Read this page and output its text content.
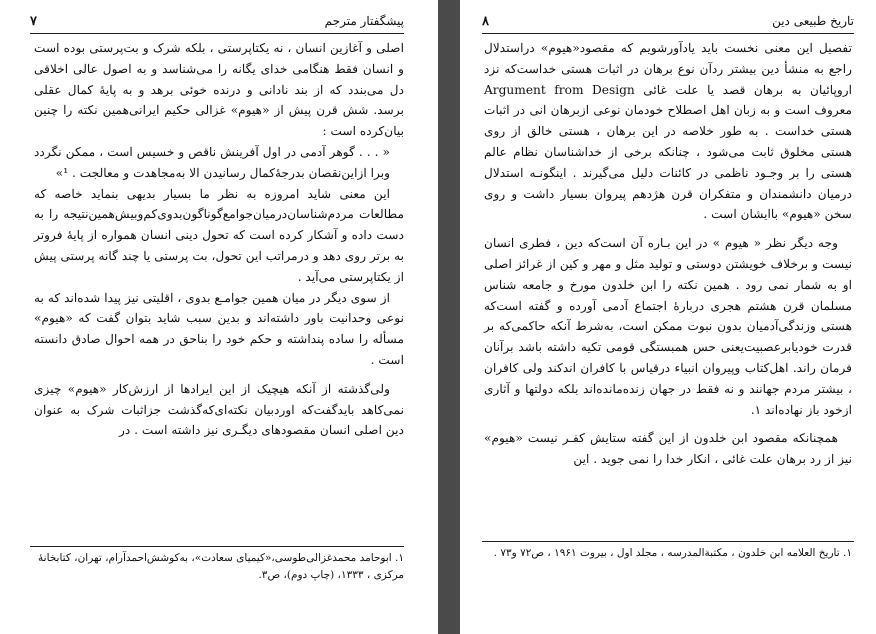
پیشگفتار مترجم
۷

اصلی و آغازین انسان ، نه یکتاپرستی ، بلکه شرک و بت‌پرستی بوده است و انسان فقط هنگامی خدای یگانه را می‌شناسد و به اصول عالی اخلاقی دل می‌بندد که از بند نادانی و درنده خوئی برهد و به پایهٔ کمال عقلی برسد. شش قرن پیش از «هیوم» غزالی حکیم ایرانی‌همین نکته را چنین بیان‌کرده است :

« . . . گوهر آدمی در اول آفرینش ناقص و خسیس است ، ممکن نگردد وبرا ازاین‌نقصان بدرجهٔ‌کمال رسانیدن الا به‌مجاهدت و معالجت . ¹»

این معنی شاید امروزه به نظر ما بسیار بدیهی بنماید خاصه که مطالعات مردم‌شناسان‌درمیان‌جوامع‌گوناگون‌بدوی‌کم‌وبیش‌همین‌نتیجه را به دست داده و آشکار کرده است که تحول دینی انسان همواره از پایهٔ فروتر به برتر روی دهد و درمراتب این تحول، بت پرستی یا چند گانه پرستی پیش از یکتاپرستی می‌آید .

از سوی دیگر در میان همین جوامـع بدوی ، اقلیتی نیز پیدا شده‌اند که به نوعی وحدانیت باور داشته‌اند و بدین سبب شاید بتوان گفت که «هیوم» مسأله را ساده پنداشته و حکم خود را بناحق در همه احوال صادق دانسته است .

ولی‌گذشته از آنکه هیچیک از این ایرادها از ارزش‌کار «هیوم» چیزی نمی‌کاهد بایدگفت‌که اوردبیان نکته‌ای‌که‌گذشت جزاثبات شرک به عنوان دین اصلی انسان مقصودهای دیگـری نیز داشته است . در

۱. ابوحامد محمدغزالی‌طوسی،«کیمیای سعادت»، به‌کوشش‌احمدآرام، تهران، کتابخانهٔ مرکزی ، ۱۳۳۳، (چاپ دوم)، ص۳.
تاریخ طبیعی دین
۸

تفصیل این معنی نخست باید یادآورشویم که مقصود«هیوم» دراستدلال راجع به منشأ دین بیشتر ردآن نوع برهان در اثبات هستی خداست‌که نزد اروپائیان به برهان قصد یا علت غائی Argument from Design معروف است و به زبان اهل اصطلاح خودمان نوعی ازبرهان انی در اثبات هستی خداست . به طور خلاصه در این برهان ، هستی خالق از روی هستی مخلوق ثابت می‌شود ، چنانکه برخی از خداشناسان نظام عالم هستی را بر وجـود ناظمی در کائنات دلیل می‌گیرند . اینگونـه استدلال درمیان دانشمندان و متفکران قرن هژدهم پیروان بسیار داشت و روی سخن «هیوم» باایشان است .

وجه دیگر نظر « هیوم » در این بـاره آن است‌که دین ، فطری انسان نیست و برخلاف خویشتن دوستی و تولید مثل و مهر و کین از غرائز اصلی او به شمار نمی رود . همین نکته را ابن خلدون مورخ و جامعه شناس مسلمان قرن هشتم هجری دربارهٔ اجتماع آدمی آورده و گفته است‌که هستی وزندگی‌آدمیان بدون نبوت ممکن است، به‌شرط آنکه حاکمی‌که بر قدرت خودیابرعصبیت‌یعنی حس همبستگی قومی تکیه داشته باشد برآنان فرمان راند. اهل‌کتاب وپیروان انبیاء درقیاس با کافران اندکند ولی کافران ، بیشتر مردم جهانند و نه فقط در جهان زنده‌مانده‌اند بلکه دولتها و آثاری ازخود باز نهاده‌اند ۱.

همچنانکه مقصود ابن خلدون از این گفته ستایش کفـر نیست «هیوم» نیز از رد برهان علت غائی ، انکار خدا را نمی جوید . این

۱. تاریخ العلامه ابن خلدون ، مکتبة‌المدرسه ، مجلد اول ، بیروت ۱۹۶۱ ، ص۷۲ و۷۳ .
